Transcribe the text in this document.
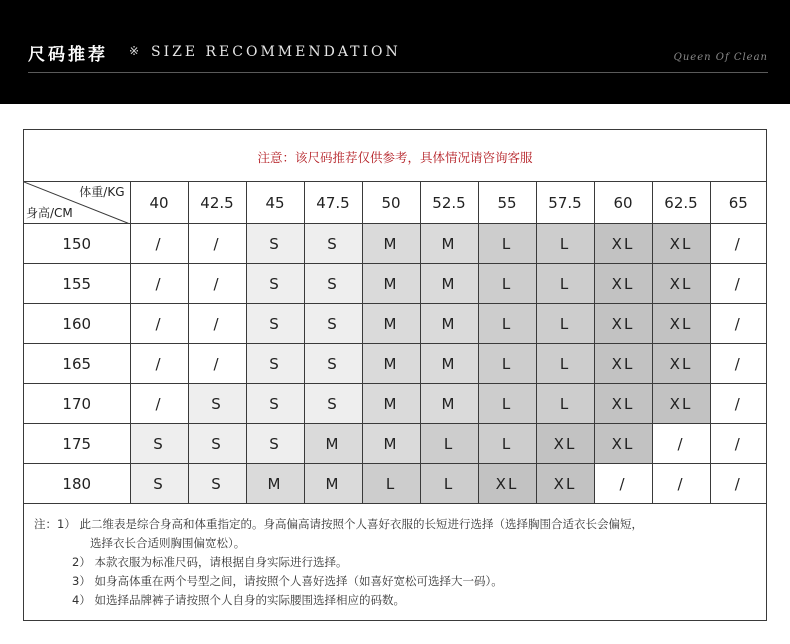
尺码推荐 ※ SIZE RECOMMENDATION	Queen Of Clean
注意：该尺码推荐仅供参考，具体情况请咨询客服
体重/KG
身高/CM	40	42.5	45	47.5	50	52.5	55	57.5	60	62.5	65
150	/	/	S	S	M	M	L	L	XL	XL	/
155	/	/	S	S	M	M	L	L	XL	XL	/
160	/	/	S	S	M	M	L	L	XL	XL	/
165	/	/	S	S	M	M	L	L	XL	XL	/
170	/	S	S	S	M	M	L	L	XL	XL	/
175	S	S	S	M	M	L	L	XL	XL	/	/
180	S	S	M	M	L	L	XL	XL	/	/	/
注：1） 此二维表是综合身高和体重指定的。身高偏高请按照个人喜好衣服的长短进行选择（选择胸围合适衣长会偏短，
选择衣长合适则胸围偏宽松）。
2） 本款衣服为标准尺码，请根据自身实际进行选择。
3） 如身高体重在两个号型之间，请按照个人喜好选择（如喜好宽松可选择大一码）。
4） 如选择品牌裤子请按照个人自身的实际腰围选择相应的码数。
